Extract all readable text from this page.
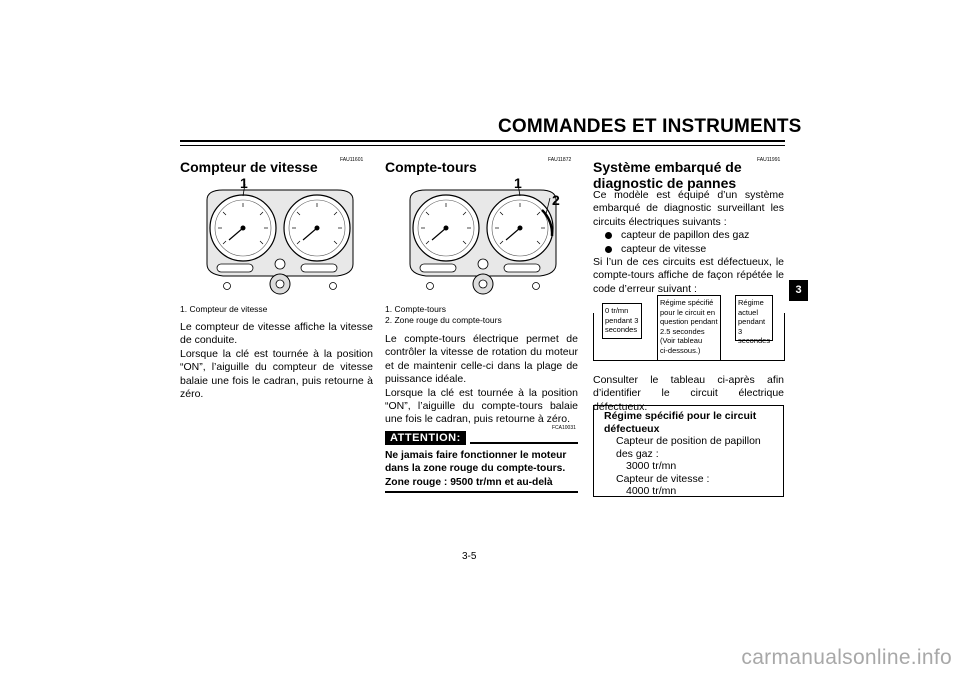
COMMANDES ET INSTRUMENTS
3
FAU11601
Compteur de vitesse
1
1. Compteur de vitesse
Le compteur de vitesse affiche la vitesse de conduite.
Lorsque la clé est tournée à la position “ON”, l’aiguille du compteur de vitesse balaie une fois le cadran, puis retourne à zéro.
FAU11872
Compte-tours
1
2
1. Compte-tours
2. Zone rouge du compte-tours
Le compte-tours électrique permet de contrôler la vitesse de rotation du moteur et de maintenir celle-ci dans la plage de puissance idéale.
Lorsque la clé est tournée à la position “ON”, l’aiguille du compte-tours balaie une fois le cadran, puis retourne à zéro.
FCA10031
ATTENTION:
Ne jamais faire fonctionner le moteur dans la zone rouge du compte-tours.
Zone rouge : 9500 tr/mn et au-delà
FAU11991
Système embarqué de
diagnostic de pannes
Ce modèle est équipé d’un système embarqué de diagnostic surveillant les circuits électriques suivants :
capteur de papillon des gaz
capteur de vitesse
Si l’un de ces circuits est défectueux, le compte-tours affiche de façon répétée le code d’erreur suivant :
0 tr/mn
pendant 3
secondes
Régime spécifié
pour le circuit en
question pendant
2.5 secondes
(Voir tableau
ci-dessous.)
Régime
actuel
pendant 3
secondes
Consulter le tableau ci-après afin d’identifier le circuit électrique défectueux.
Régime spécifié pour le circuit défectueux
Capteur de position de papillon des gaz :
3000 tr/mn
Capteur de vitesse :
4000 tr/mn
3-5
carmanualsonline.info
